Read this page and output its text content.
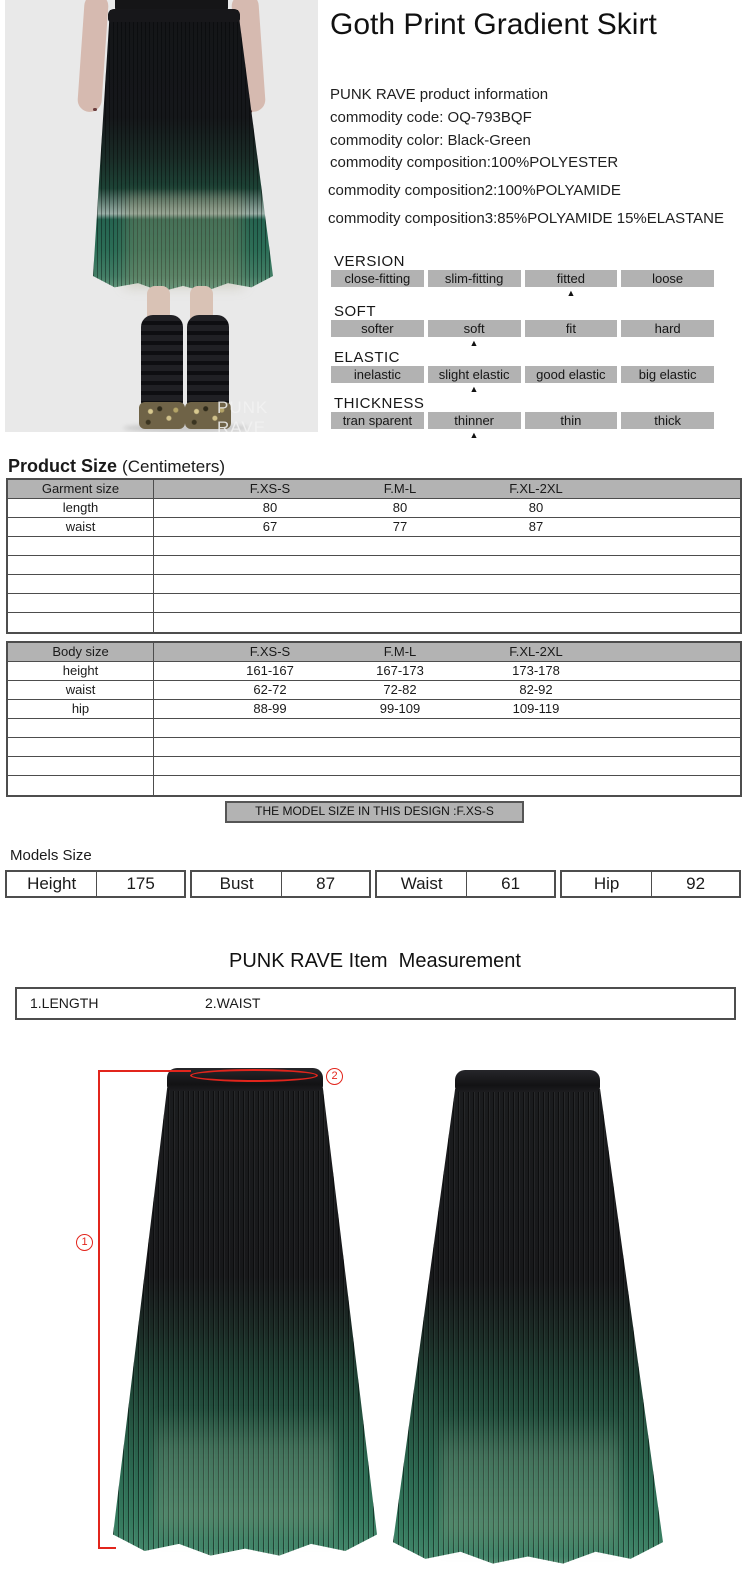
PUNK RAVE
Goth Print Gradient Skirt
PUNK RAVE product information
commodity code: OQ-793BQF
commodity color: Black-Green
commodity composition:100%POLYESTER
commodity composition2:100%POLYAMIDE
commodity composition3:85%POLYAMIDE 15%ELASTANE
VERSION
close-fitting	slim-fitting	fitted	loose
▲
SOFT
softer	soft	fit	hard
▲
ELASTIC
inelastic	slight elastic	good elastic	big elastic
▲
THICKNESS
tran sparent	thinner	thin	thick
▲
Product Size (Centimeters)
Garment size	F.XS-S	F.M-L	F.XL-2XL
length	80	80	80
waist	67	77	87
Body size	F.XS-S	F.M-L	F.XL-2XL
height	161-167	167-173	173-178
waist	62-72	72-82	82-92
hip	88-99	99-109	109-119
THE MODEL SIZE IN THIS DESIGN :F.XS-S
Models Size
Height	175	Bust	87	Waist	61	Hip	92
PUNK RAVE Item  Measurement
1.LENGTH	2.WAIST
1
2
